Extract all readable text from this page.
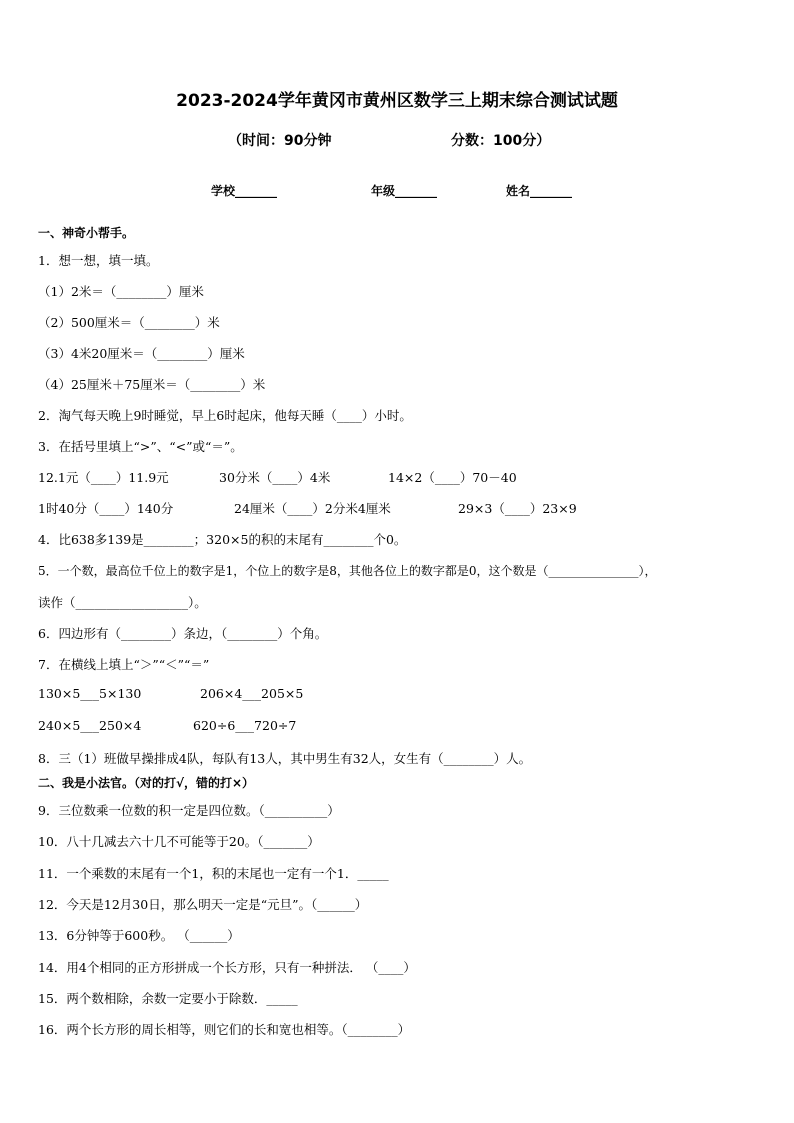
2023-2024学年黄冈市黄州区数学三上期末综合测试试题
（时间：90分钟	分数：100分）
学校_______	年级_______	姓名_______
一、神奇小帮手。
1．想一想，填一填。
（1）2米＝（________）厘米
（2）500厘米＝（________）米
（3）4米20厘米＝（________）厘米
（4）25厘米＋75厘米＝（________）米
2．淘气每天晚上9时睡觉，早上6时起床，他每天睡（____）小时。
3．在括号里填上“>”、“<”或“＝”。
12.1元（____）11.9元	30分米（____）4米	14×2（____）70－40
1时40分（____）140分	24厘米（____）2分米4厘米	29×3（____）23×9
4．比638多139是________；320×5的积的末尾有________个0。
5．一个数，最高位千位上的数字是1，个位上的数字是8，其他各位上的数字都是0，这个数是（_______________），
读作（__________________）。
6．四边形有（________）条边，（________）个角。
7．在横线上填上“＞”“＜”“＝”
130×5___5×130	206×4___205×5
240×5___250×4	620÷6___720÷7
8．三（1）班做早操排成4队，每队有13人，其中男生有32人，女生有（________）人。
二、我是小法官。（对的打√，错的打×）
9．三位数乘一位数的积一定是四位数。（__________）
10．八十几减去六十几不可能等于20。（_______）
11．一个乘数的末尾有一个1，积的末尾也一定有一个1．_____
12．今天是12月30日，那么明天一定是“元旦”。（______）
13．6分钟等于600秒。 （______）
14．用4个相同的正方形拼成一个长方形，只有一种拼法． （____）
15．两个数相除，余数一定要小于除数．_____
16．两个长方形的周长相等，则它们的长和宽也相等。（________）
